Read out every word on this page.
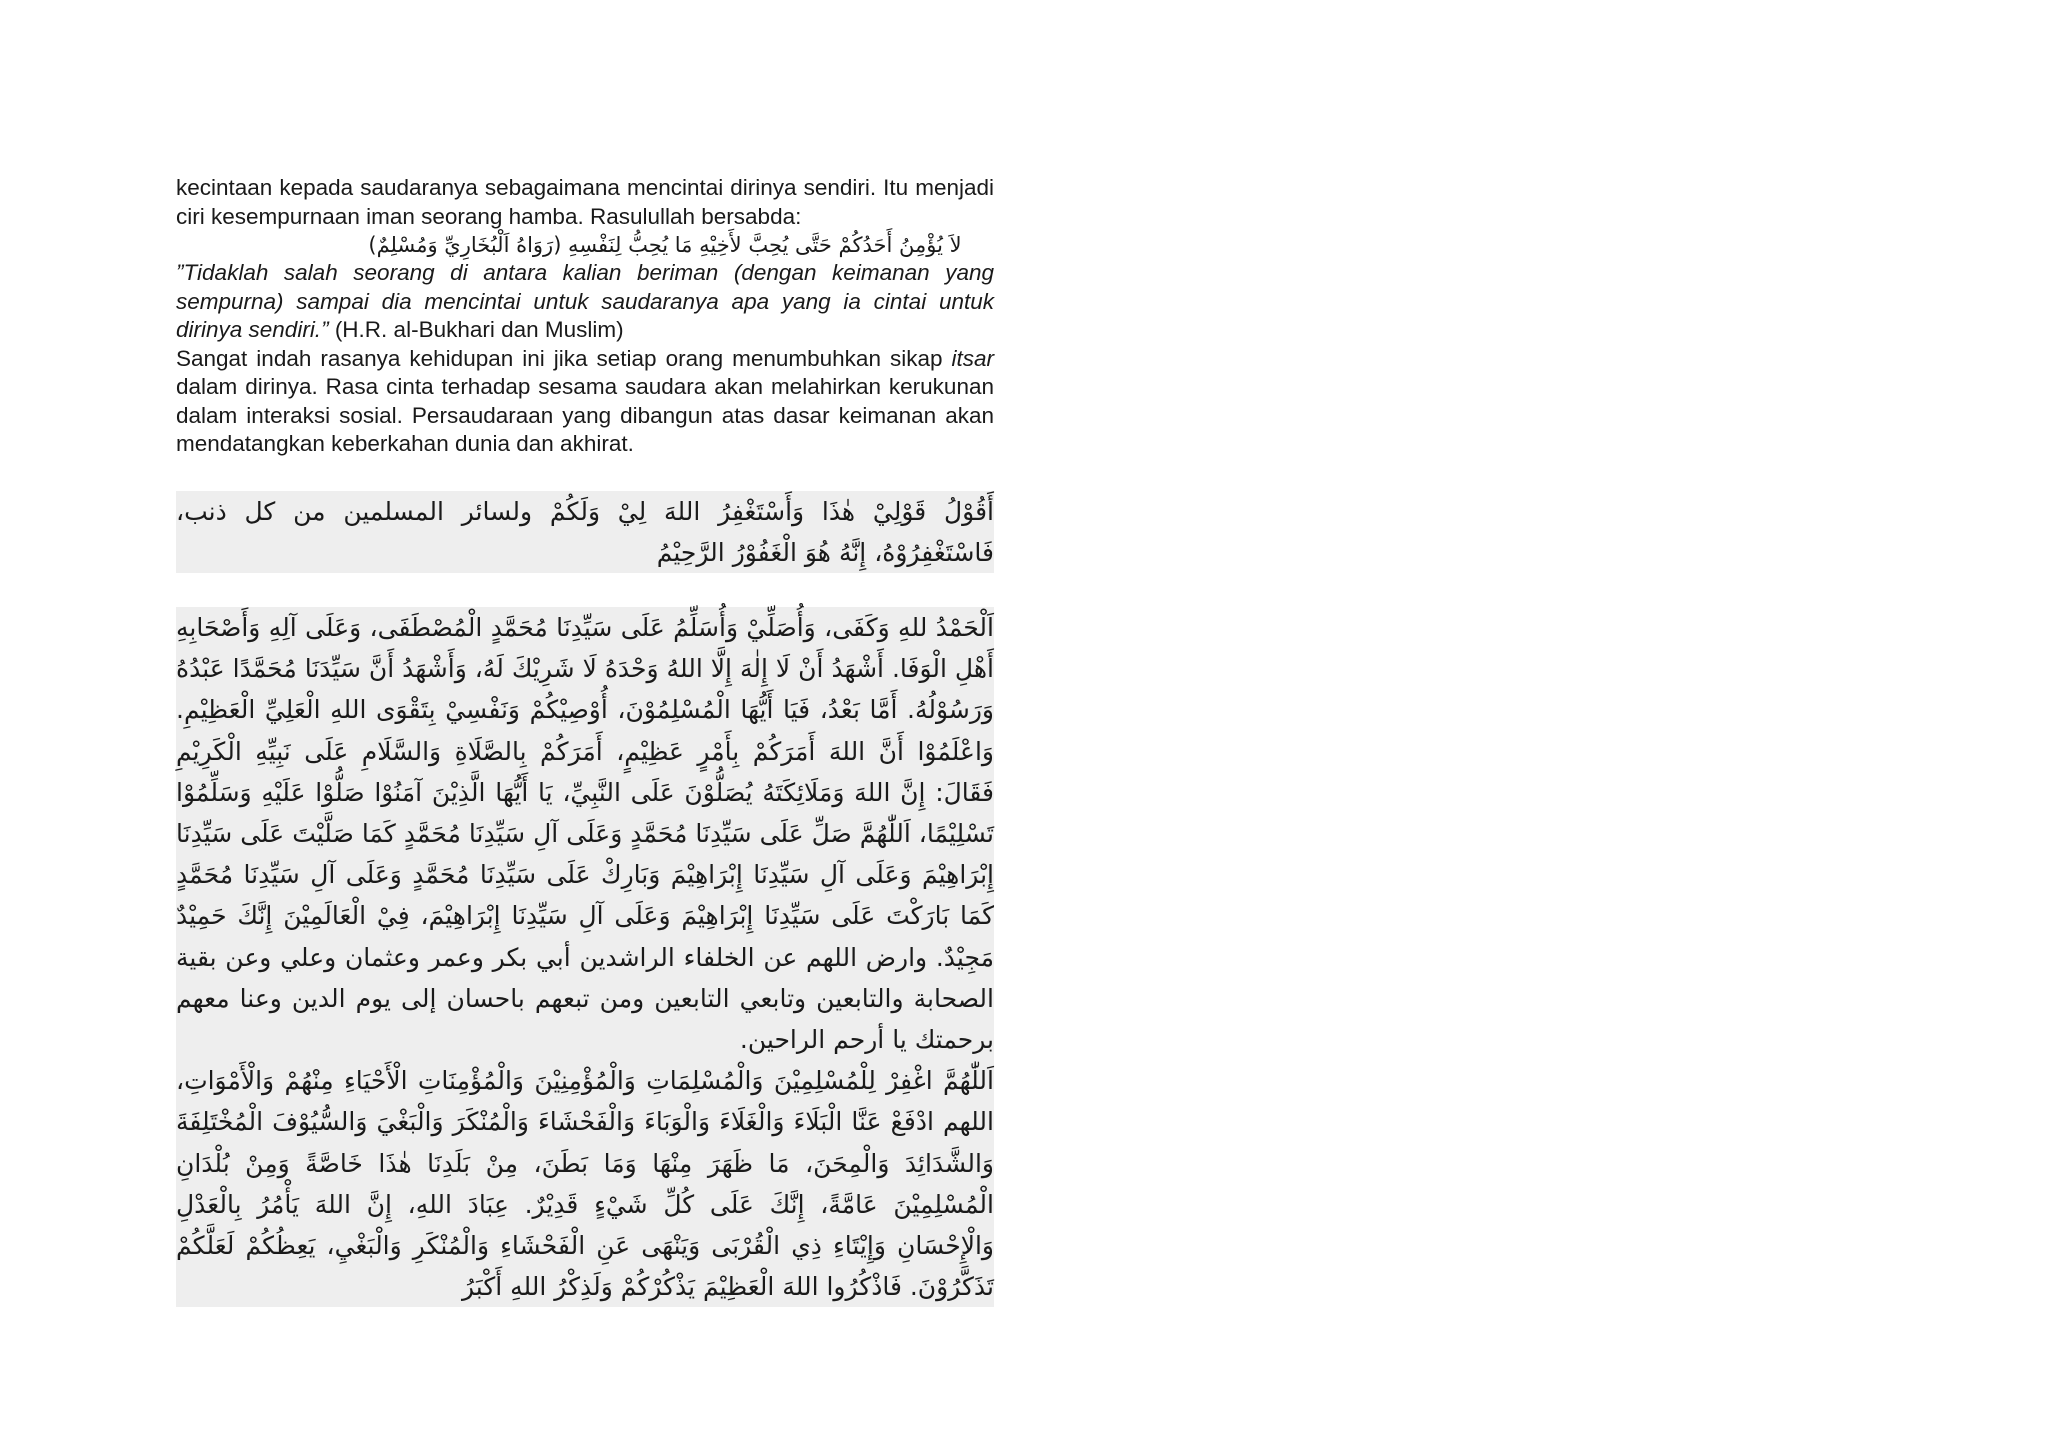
kecintaan kepada saudaranya sebagaimana mencintai dirinya sendiri. Itu menjadi ciri kesempurnaan iman seorang hamba. Rasulullah bersabda:

لاَ يُؤْمِنُ أَحَدُكُمْ حَتَّى يُحِبَّ لأَخِيْهِ مَا يُحِبُّ لِنَفْسِهِ (رَوَاهُ اَلْبُخَارِيِّ وَمُسْلِمٌ)

”Tidaklah salah seorang di antara kalian beriman (dengan keimanan yang sempurna) sampai dia mencintai untuk saudaranya apa yang ia cintai untuk dirinya sendiri.” (H.R. al-Bukhari dan Muslim)

Sangat indah rasanya kehidupan ini jika setiap orang menumbuhkan sikap itsar dalam dirinya. Rasa cinta terhadap sesama saudara akan melahirkan kerukunan dalam interaksi sosial. Persaudaraan yang dibangun atas dasar keimanan akan mendatangkan keberkahan dunia dan akhirat.

أَقُوْلُ قَوْلِيْ هٰذَا وَأَسْتَغْفِرُ اللهَ لِيْ وَلَكُمْ ولسائر المسلمين من كل ذنب، فَاسْتَغْفِرُوْهُ، إِنَّهُ هُوَ الْغَفُوْرُ الرَّحِيْمُ

اَلْحَمْدُ للهِ وَكَفَى، وَأُصَلِّيْ وَأُسَلِّمُ عَلَى سَيِّدِنَا مُحَمَّدٍ الْمُصْطَفَى، وَعَلَى آلِهِ وَأَصْحَابِهِ أَهْلِ الْوَفَا. أَشْهَدُ أَنْ لَا إِلٰهَ إِلَّا اللهُ وَحْدَهُ لَا شَرِيْكَ لَهُ، وَأَشْهَدُ أَنَّ سَيِّدَنَا مُحَمَّدًا عَبْدُهُ وَرَسُوْلُهُ. أَمَّا بَعْدُ، فَيَا أَيُّهَا الْمُسْلِمُوْنَ، أُوْصِيْكُمْ وَنَفْسِيْ بِتَقْوَى اللهِ الْعَلِيِّ الْعَظِيْمِ. وَاعْلَمُوْا أَنَّ اللهَ أَمَرَكُمْ بِأَمْرٍ عَظِيْمٍ، أَمَرَكُمْ بِالصَّلَاةِ وَالسَّلَامِ عَلَى نَبِيِّهِ الْكَرِيْمِ فَقَالَ: إِنَّ اللهَ وَمَلَائِكَتَهُ يُصَلُّوْنَ عَلَى النَّبِيِّ، يَا أَيُّهَا الَّذِيْنَ آمَنُوْا صَلُّوْا عَلَيْهِ وَسَلِّمُوْا تَسْلِيْمًا، اَللّٰهُمَّ صَلِّ عَلَى سَيِّدِنَا مُحَمَّدٍ وَعَلَى آلِ سَيِّدِنَا مُحَمَّدٍ كَمَا صَلَّيْتَ عَلَى سَيِّدِنَا إِبْرَاهِيْمَ وَعَلَى آلِ سَيِّدِنَا إِبْرَاهِيْمَ وَبَارِكْ عَلَى سَيِّدِنَا مُحَمَّدٍ وَعَلَى آلِ سَيِّدِنَا مُحَمَّدٍ كَمَا بَارَكْتَ عَلَى سَيِّدِنَا إِبْرَاهِيْمَ وَعَلَى آلِ سَيِّدِنَا إِبْرَاهِيْمَ، فِيْ الْعَالَمِيْنَ إِنَّكَ حَمِيْدٌ مَجِيْدٌ. وارض اللهم عن الخلفاء الراشدين أبي بكر وعمر وعثمان وعلي وعن بقية الصحابة والتابعين وتابعي التابعين ومن تبعهم باحسان إلى يوم الدين وعنا معهم برحمتك يا أرحم الراحين.

اَللّٰهُمَّ اغْفِرْ لِلْمُسْلِمِيْنَ وَالْمُسْلِمَاتِ وَالْمُؤْمِنِيْنَ وَالْمُؤْمِنَاتِ الْأَحْيَاءِ مِنْهُمْ وَالْأَمْوَاتِ، اللهم ادْفَعْ عَنَّا الْبَلَاءَ وَالْغَلَاءَ وَالْوَبَاءَ وَالْفَحْشَاءَ وَالْمُنْكَرَ وَالْبَغْيَ وَالسُّيُوْفَ الْمُخْتَلِفَةَ وَالشَّدَائِدَ وَالْمِحَنَ، مَا ظَهَرَ مِنْهَا وَمَا بَطَنَ، مِنْ بَلَدِنَا هٰذَا خَاصَّةً وَمِنْ بُلْدَانِ الْمُسْلِمِيْنَ عَامَّةً، إِنَّكَ عَلَى كُلِّ شَيْءٍ قَدِيْرٌ. عِبَادَ اللهِ، إِنَّ اللهَ يَأْمُرُ بِالْعَدْلِ وَالْإِحْسَانِ وَإِيْتَاءِ ذِي الْقُرْبَى وَيَنْهَى عَنِ الْفَحْشَاءِ وَالْمُنْكَرِ وَالْبَغْيِ، يَعِظُكُمْ لَعَلَّكُمْ تَذَكَّرُوْنَ. فَاذْكُرُوا اللهَ الْعَظِيْمَ يَذْكُرْكُمْ وَلَذِكْرُ اللهِ أَكْبَرُ
